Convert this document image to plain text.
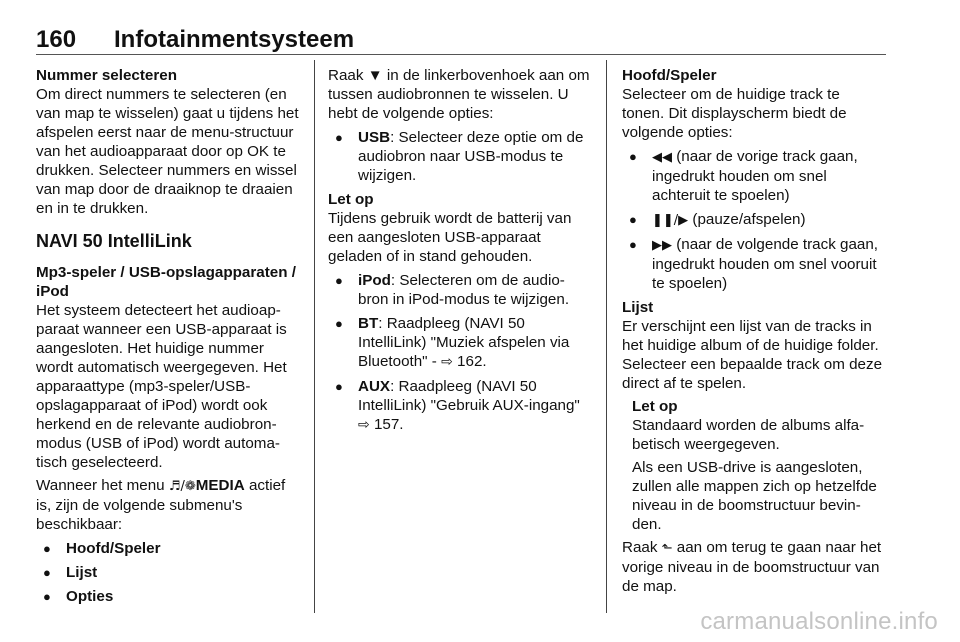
160 Infotainmentsysteem

Nummer selecteren

Om direct nummers te selecteren (en van map te wisselen) gaat u tijdens het afspelen eerst naar de menu-structuur van het audioapparaat door op OK te drukken. Selecteer nummers en wissel van map door de draaiknop te draaien en in te drukken.

NAVI 50 IntelliLink

Mp3-speler / USB-opslagapparaten / iPod

Het systeem detecteert het audioap-paraat wanneer een USB-apparaat is aangesloten. Het huidige nummer wordt automatisch weergegeven. Het apparaattype (mp3-speler/USB-opslagapparaat of iPod) wordt ook herkend en de relevante audiobron-modus (USB of iPod) wordt automa-tisch geselecteerd.

Wanneer het menu ♬/❁MEDIA actief is, zijn de volgende submenu's beschikbaar:

● Hoofd/Speler
● Lijst
● Opties

Raak ▼ in de linkerbovenhoek aan om tussen audiobronnen te wisselen. U hebt de volgende opties:

● USB: Selecteer deze optie om de audiobron naar USB-modus te wijzigen.

Let op

Tijdens gebruik wordt de batterij van een aangesloten USB-apparaat geladen of in stand gehouden.

● iPod: Selecteren om de audio-bron in iPod-modus te wijzigen.
● BT: Raadpleeg (NAVI 50 IntelliLink) "Muziek afspelen via Bluetooth" - ⇨ 162.
● AUX: Raadpleeg (NAVI 50 IntelliLink) "Gebruik AUX-ingang" ⇨ 157.

Hoofd/Speler

Selecteer om de huidige track te tonen. Dit displayscherm biedt de volgende opties:

● ◀◀ (naar de vorige track gaan, ingedrukt houden om snel achteruit te spoelen)
● ❚❚/▶ (pauze/afspelen)
● ▶▶ (naar de volgende track gaan, ingedrukt houden om snel vooruit te spoelen)

Lijst

Er verschijnt een lijst van de tracks in het huidige album of de huidige folder. Selecteer een bepaalde track om deze direct af te spelen.

Let op

Standaard worden de albums alfa-betisch weergegeven.

Als een USB-drive is aangesloten, zullen alle mappen zich op hetzelfde niveau in de boomstructuur bevin-den.

Raak ⬑ aan om terug te gaan naar het vorige niveau in de boomstructuur van de map.

carmanualsonline.info
